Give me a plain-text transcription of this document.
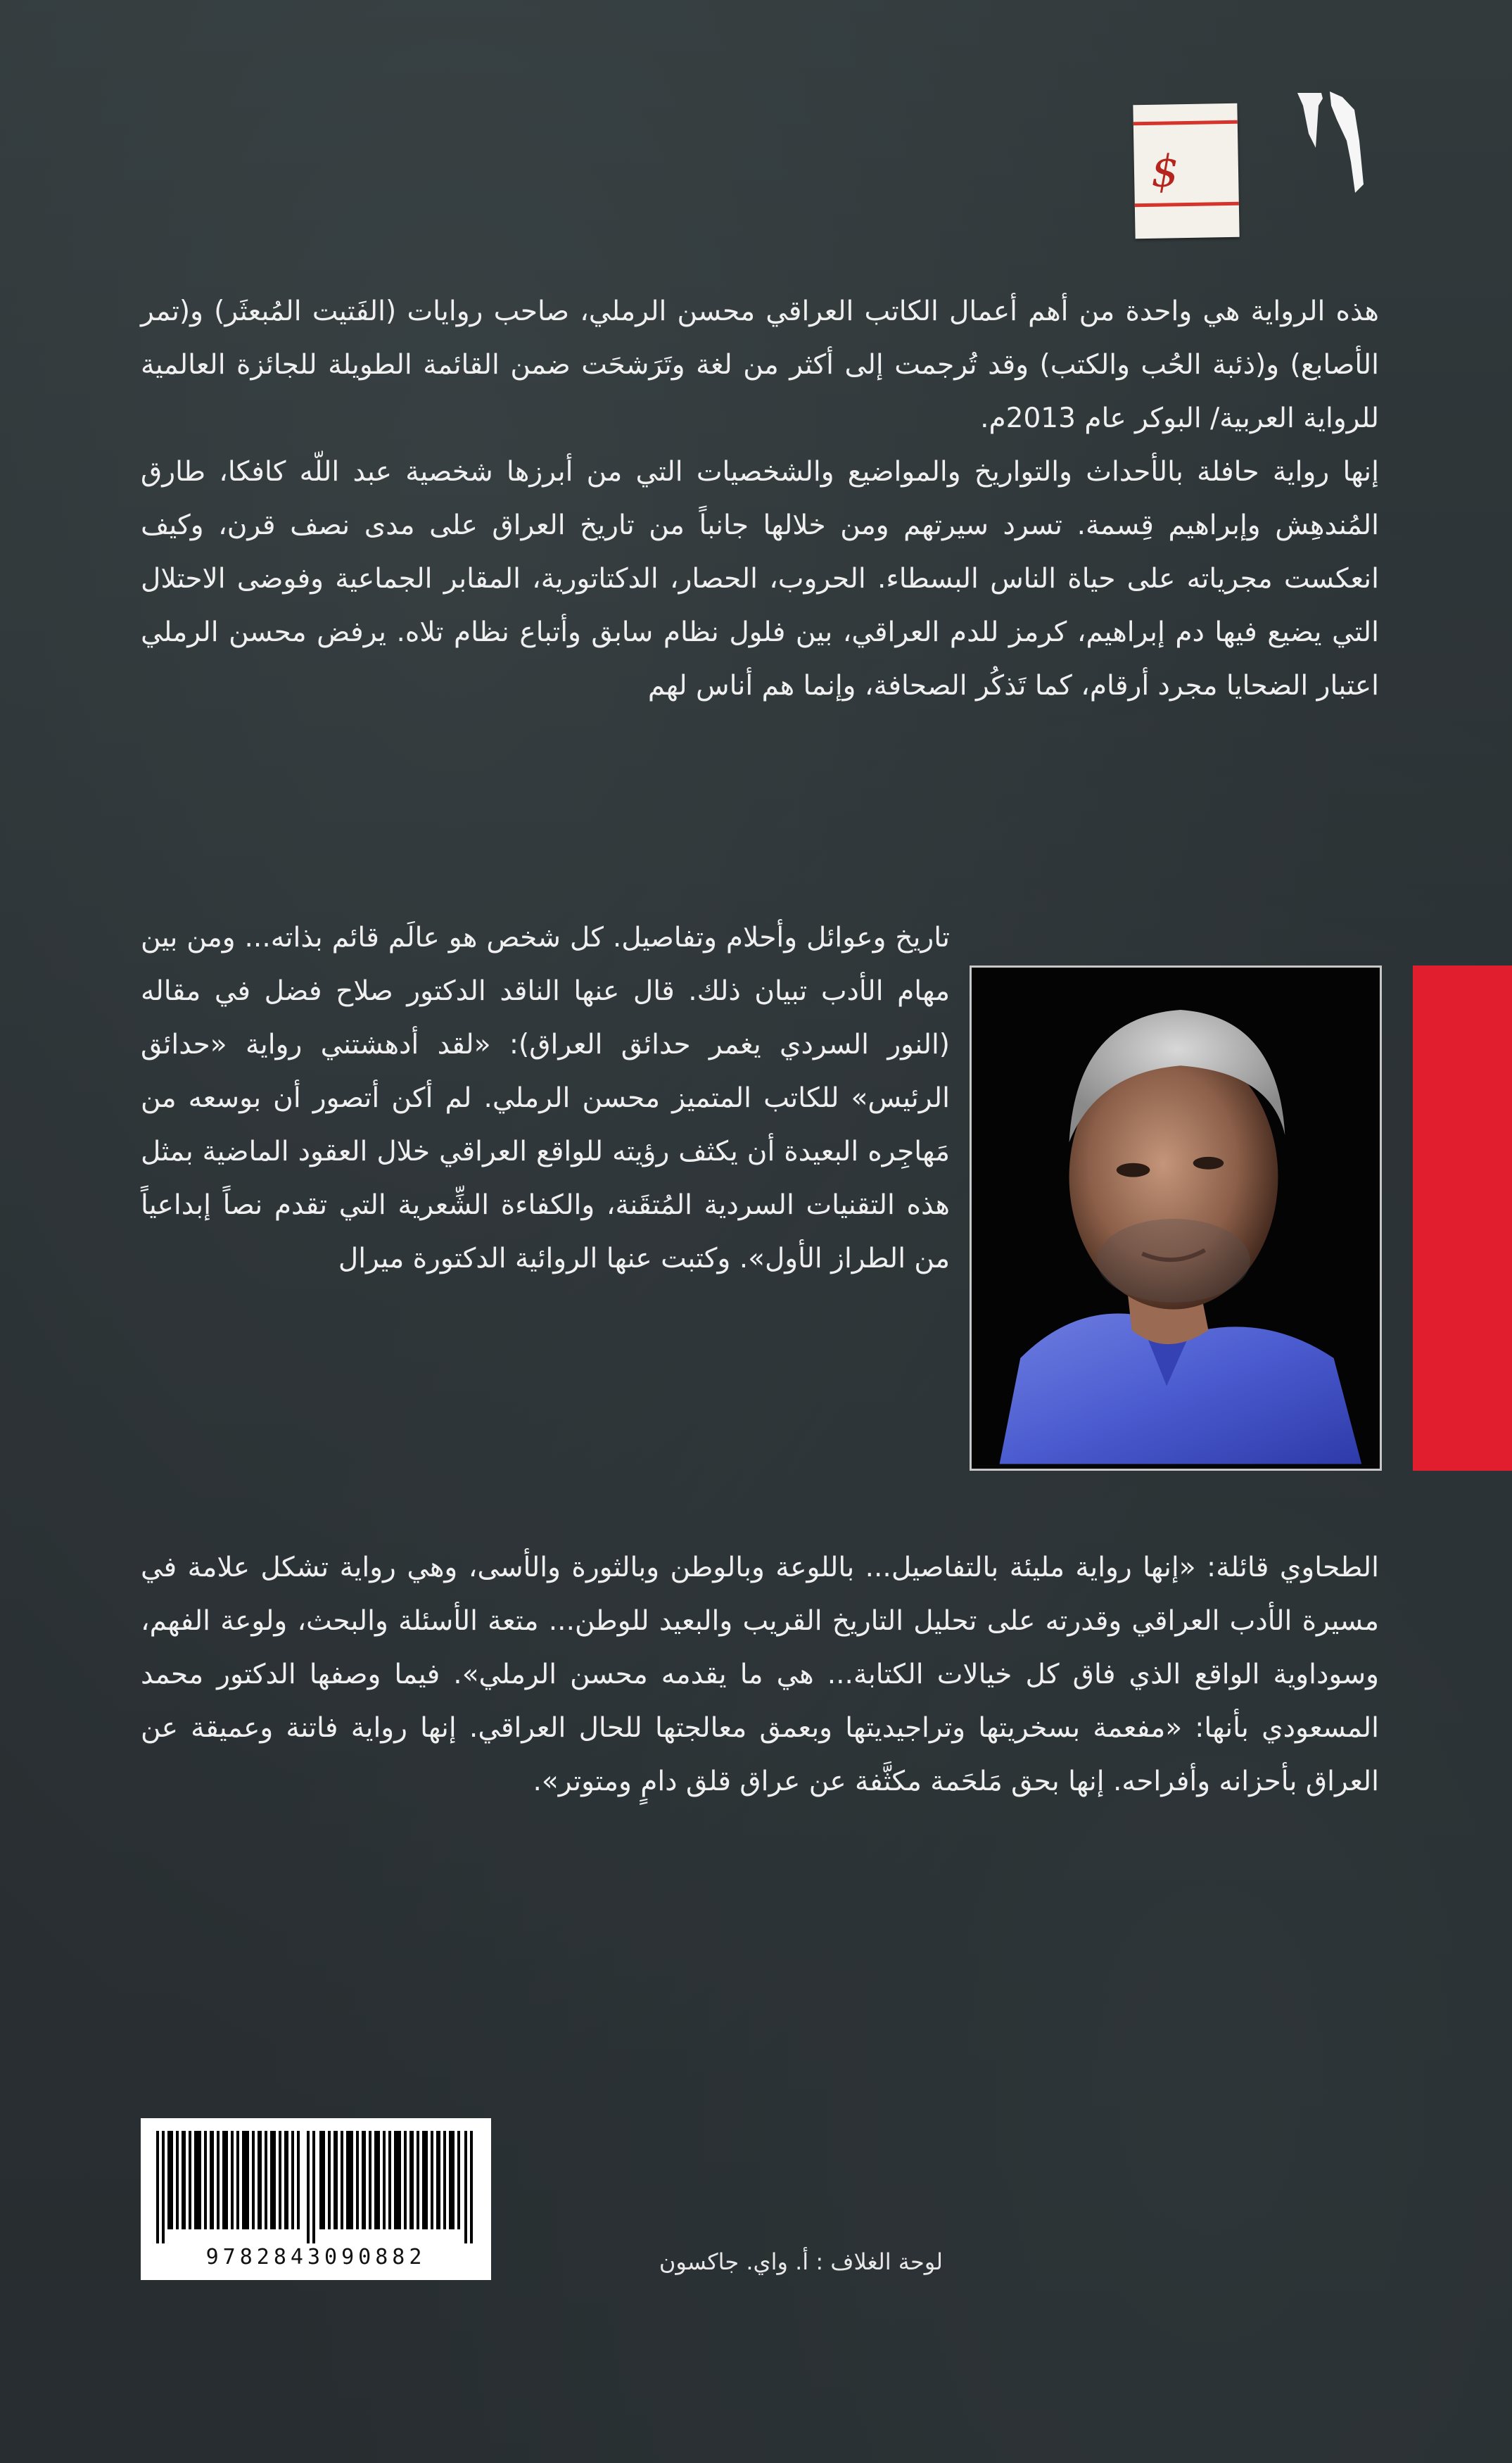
$

هذه الرواية هي واحدة من أهم أعمال الكاتب العراقي محسن الرملي، صاحب روايات (الفَتيت المُبعثَر) و(تمر الأصابع) و(ذئبة الحُب والكتب) وقد تُرجمت إلى أكثر من لغة وتَرَشحَت ضمن القائمة الطويلة للجائزة العالمية للرواية العربية/ البوكر عام 2013م.

إنها رواية حافلة بالأحداث والتواريخ والمواضيع والشخصيات التي من أبرزها شخصية عبد اللّه كافكا، طارق المُندهِش وإبراهيم قِسمة. تسرد سيرتهم ومن خلالها جانباً من تاريخ العراق على مدى نصف قرن، وكيف انعكست مجرياته على حياة الناس البسطاء. الحروب، الحصار، الدكتاتورية، المقابر الجماعية وفوضى الاحتلال التي يضيع فيها دم إبراهيم، كرمز للدم العراقي، بين فلول نظام سابق وأتباع نظام تلاه. يرفض محسن الرملي اعتبار الضحايا مجرد أرقام، كما تَذكُر الصحافة، وإنما هم أناس لهم

تاريخ وعوائل وأحلام وتفاصيل. كل شخص هو عالَم قائم بذاته... ومن بين مهام الأدب تبيان ذلك. قال عنها الناقد الدكتور صلاح فضل في مقاله (النور السردي يغمر حدائق العراق): «لقد أدهشتني رواية «حدائق الرئيس» للكاتب المتميز محسن الرملي. لم أكن أتصور أن بوسعه من مَهاجِره البعيدة أن يكثف رؤيته للواقع العراقي خلال العقود الماضية بمثل هذه التقنيات السردية المُتقَنة، والكفاءة الشِّعرية التي تقدم نصاً إبداعياً من الطراز الأول». وكتبت عنها الروائية الدكتورة ميرال

الطحاوي قائلة: «إنها رواية مليئة بالتفاصيل... باللوعة وبالوطن وبالثورة والأسى، وهي رواية تشكل علامة في مسيرة الأدب العراقي وقدرته على تحليل التاريخ القريب والبعيد للوطن... متعة الأسئلة والبحث، ولوعة الفهم، وسوداوية الواقع الذي فاق كل خيالات الكتابة... هي ما يقدمه محسن الرملي». فيما وصفها الدكتور محمد المسعودي بأنها: «مفعمة بسخريتها وتراجيديتها وبعمق معالجتها للحال العراقي. إنها رواية فاتنة وعميقة عن العراق بأحزانه وأفراحه. إنها بحق مَلحَمة مكثَّفة عن عراق قلق دامٍ ومتوتر».

9782843090882	لوحة الغلاف : أ. واي. جاكسون
